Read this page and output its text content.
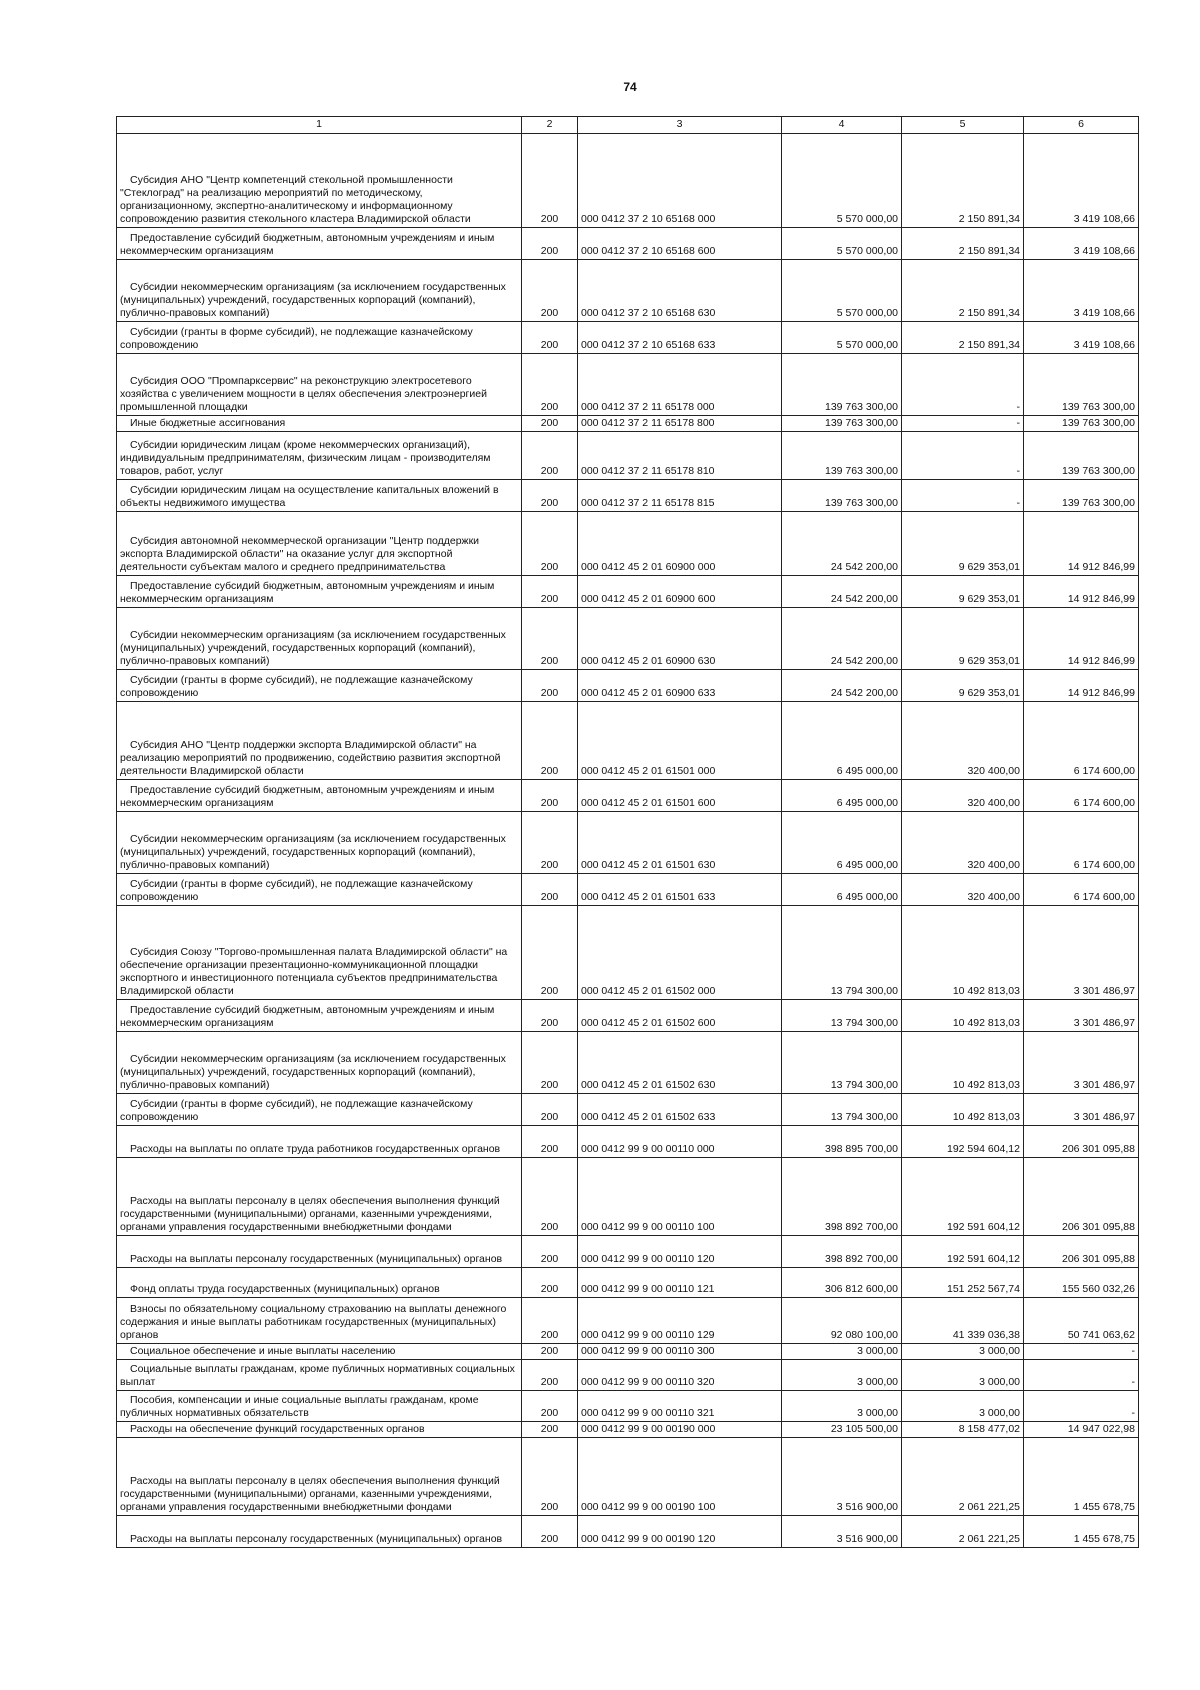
74
1	2	3	4	5	6

Субсидия АНО "Центр компетенций стекольной промышленности "Стеклоград" на реализацию мероприятий по методическому, организационному, экспертно-аналитическому и информационному сопровождению развития стекольного кластера Владимирской области	200	000 0412 37 2 10 65168 000	5 570 000,00	2 150 891,34	3 419 108,66

Предоставление субсидий бюджетным, автономным учреждениям и иным некоммерческим организациям	200	000 0412 37 2 10 65168 600	5 570 000,00	2 150 891,34	3 419 108,66

Субсидии некоммерческим организациям (за исключением государственных (муниципальных) учреждений, государственных корпораций (компаний), публично-правовых компаний)	200	000 0412 37 2 10 65168 630	5 570 000,00	2 150 891,34	3 419 108,66

Субсидии (гранты в форме субсидий), не подлежащие казначейскому сопровождению	200	000 0412 37 2 10 65168 633	5 570 000,00	2 150 891,34	3 419 108,66

Субсидия ООО "Промпарксервис" на реконструкцию электросетевого хозяйства с увеличением мощности в целях обеспечения электроэнергией промышленной площадки	200	000 0412 37 2 11 65178 000	139 763 300,00	-	139 763 300,00

Иные бюджетные ассигнования	200	000 0412 37 2 11 65178 800	139 763 300,00	-	139 763 300,00

Субсидии юридическим лицам (кроме некоммерческих организаций), индивидуальным предпринимателям, физическим лицам - производителям товаров, работ, услуг	200	000 0412 37 2 11 65178 810	139 763 300,00	-	139 763 300,00

Субсидии юридическим лицам на осуществление капитальных вложений в объекты недвижимого имущества	200	000 0412 37 2 11 65178 815	139 763 300,00	-	139 763 300,00

Субсидия автономной некоммерческой организации "Центр поддержки экспорта Владимирской области" на оказание услуг для экспортной деятельности субъектам малого и среднего предпринимательства	200	000 0412 45 2 01 60900 000	24 542 200,00	9 629 353,01	14 912 846,99

Предоставление субсидий бюджетным, автономным учреждениям и иным некоммерческим организациям	200	000 0412 45 2 01 60900 600	24 542 200,00	9 629 353,01	14 912 846,99

Субсидии некоммерческим организациям (за исключением государственных (муниципальных) учреждений, государственных корпораций (компаний), публично-правовых компаний)	200	000 0412 45 2 01 60900 630	24 542 200,00	9 629 353,01	14 912 846,99

Субсидии (гранты в форме субсидий), не подлежащие казначейскому сопровождению	200	000 0412 45 2 01 60900 633	24 542 200,00	9 629 353,01	14 912 846,99

Субсидия АНО "Центр поддержки экспорта Владимирской области" на реализацию мероприятий по продвижению, содействию развития экспортной деятельности Владимирской области	200	000 0412 45 2 01 61501 000	6 495 000,00	320 400,00	6 174 600,00

Предоставление субсидий бюджетным, автономным учреждениям и иным некоммерческим организациям	200	000 0412 45 2 01 61501 600	6 495 000,00	320 400,00	6 174 600,00

Субсидии некоммерческим организациям (за исключением государственных (муниципальных) учреждений, государственных корпораций (компаний), публично-правовых компаний)	200	000 0412 45 2 01 61501 630	6 495 000,00	320 400,00	6 174 600,00

Субсидии (гранты в форме субсидий), не подлежащие казначейскому сопровождению	200	000 0412 45 2 01 61501 633	6 495 000,00	320 400,00	6 174 600,00

Субсидия Союзу "Торгово-промышленная палата Владимирской области" на обеспечение организации презентационно-коммуникационной площадки экспортного и инвестиционного потенциала субъектов предпринимательства Владимирской области	200	000 0412 45 2 01 61502 000	13 794 300,00	10 492 813,03	3 301 486,97

Предоставление субсидий бюджетным, автономным учреждениям и иным некоммерческим организациям	200	000 0412 45 2 01 61502 600	13 794 300,00	10 492 813,03	3 301 486,97

Субсидии некоммерческим организациям (за исключением государственных (муниципальных) учреждений, государственных корпораций (компаний), публично-правовых компаний)	200	000 0412 45 2 01 61502 630	13 794 300,00	10 492 813,03	3 301 486,97

Субсидии (гранты в форме субсидий), не подлежащие казначейскому сопровождению	200	000 0412 45 2 01 61502 633	13 794 300,00	10 492 813,03	3 301 486,97

Расходы на выплаты по оплате труда работников государственных органов	200	000 0412 99 9 00 00110 000	398 895 700,00	192 594 604,12	206 301 095,88

Расходы на выплаты персоналу в целях обеспечения выполнения функций государственными (муниципальными) органами, казенными учреждениями, органами управления государственными внебюджетными фондами	200	000 0412 99 9 00 00110 100	398 892 700,00	192 591 604,12	206 301 095,88

Расходы на выплаты персоналу государственных (муниципальных) органов	200	000 0412 99 9 00 00110 120	398 892 700,00	192 591 604,12	206 301 095,88

Фонд оплаты труда государственных (муниципальных) органов	200	000 0412 99 9 00 00110 121	306 812 600,00	151 252 567,74	155 560 032,26

Взносы по обязательному социальному страхованию на выплаты денежного содержания и иные выплаты работникам государственных (муниципальных) органов	200	000 0412 99 9 00 00110 129	92 080 100,00	41 339 036,38	50 741 063,62

Социальное обеспечение и иные выплаты населению	200	000 0412 99 9 00 00110 300	3 000,00	3 000,00	-

Социальные выплаты гражданам, кроме публичных нормативных социальных выплат	200	000 0412 99 9 00 00110 320	3 000,00	3 000,00	-

Пособия, компенсации и иные социальные выплаты гражданам, кроме публичных нормативных обязательств	200	000 0412 99 9 00 00110 321	3 000,00	3 000,00	-

Расходы на обеспечение функций государственных органов	200	000 0412 99 9 00 00190 000	23 105 500,00	8 158 477,02	14 947 022,98

Расходы на выплаты персоналу в целях обеспечения выполнения функций государственными (муниципальными) органами, казенными учреждениями, органами управления государственными внебюджетными фондами	200	000 0412 99 9 00 00190 100	3 516 900,00	2 061 221,25	1 455 678,75

Расходы на выплаты персоналу государственных (муниципальных) органов	200	000 0412 99 9 00 00190 120	3 516 900,00	2 061 221,25	1 455 678,75
